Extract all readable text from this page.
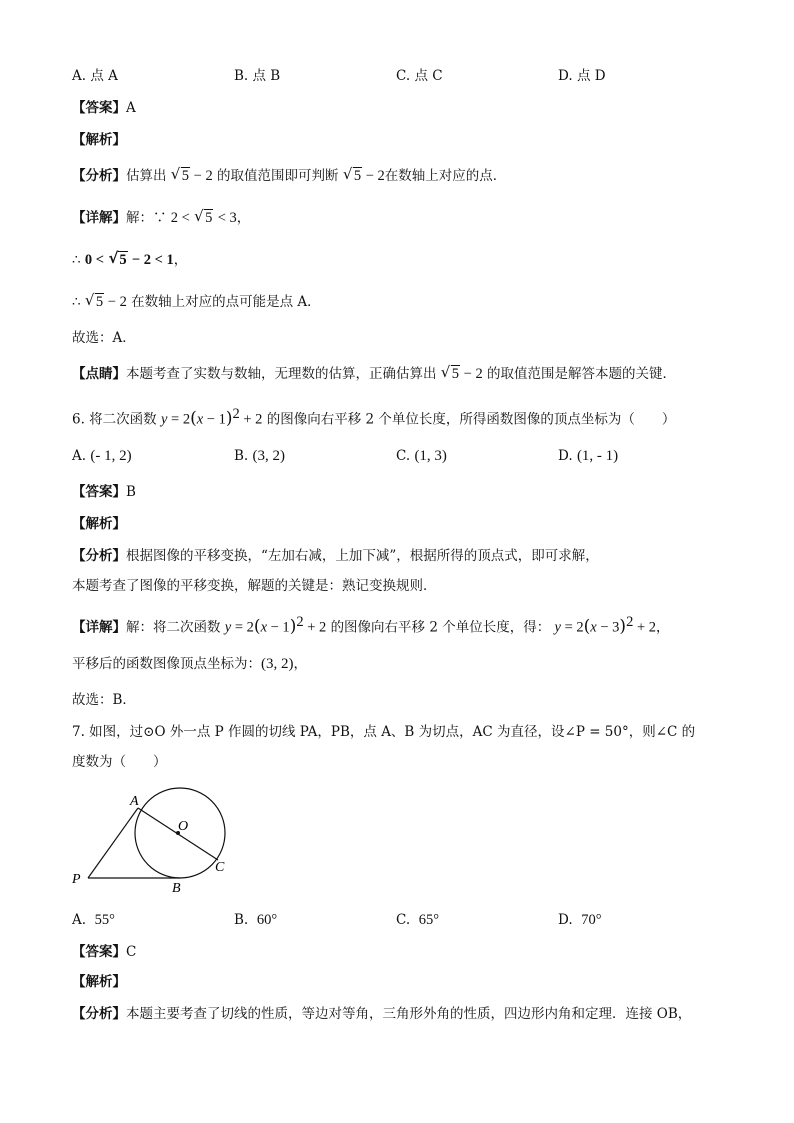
A. 点 A	B. 点 B	C. 点 C	D. 点 D
【答案】A
【解析】
【分析】估算出 √ 5 − 2 的取值范围即可判断 √ 5 − 2在数轴上对应的点．
【详解】解：∵ 2 < √ 5 < 3，
∴ 0 < √ 5 − 2 < 1，
∴ √ 5 − 2 在数轴上对应的点可能是点 A．
故选：A．
【点睛】本题考查了实数与数轴，无理数的估算，正确估算出 √ 5 − 2 的取值范围是解答本题的关键．
6. 将二次函数 $y = 2(x - 1)^2 + 2$ 的图像向右平移 2 个单位长度，所得函数图像的顶点坐标为（　　）
A. (- 1, 2)	B. (3, 2)	C. (1, 3)	D. (1, - 1)
【答案】B
【解析】
【分析】根据图像的平移变换，“左加右减，上加下减”，根据所得的顶点式，即可求解，
本题考查了图像的平移变换，解题的关键是：熟记变换规则．
【详解】解：将二次函数 $y = 2(x - 1)^2 + 2$ 的图像向右平移 2 个单位长度，得： $y = 2(x - 3)^2 + 2$，
平移后的函数图像顶点坐标为：(3, 2)，
故选：B．
7. 如图，过⊙O 外一点 P 作圆的切线 PA，PB，点 A、B 为切点，AC 为直径，设∠P = 50°，则∠C 的
度数为（　　）
A
O
P
B
C
A. 55°	B. 60°	C. 65°	D. 70°
【答案】C
【解析】
【分析】本题主要考查了切线的性质，等边对等角，三角形外角的性质，四边形内角和定理．连接 OB，
